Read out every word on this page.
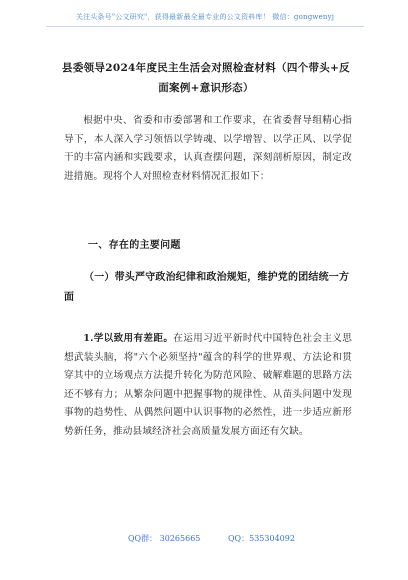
关注头条号"公文研究"，获得最新最全最专业的公文资料库！ 微信：gongwenyj
县委领导2024年度民主生活会对照检查材料（四个带头+反面案例+意识形态）

根据中央、省委和市委部署和工作要求，在省委督导组精心指导下，本人深入学习领悟以学铸魂、以学增智、以学正风、以学促干的丰富内涵和实践要求，认真查摆问题，深刻剖析原因，制定改进措施。现将个人对照检查材料情况汇报如下：

一、存在的主要问题
（一）带头严守政治纪律和政治规矩，维护党的团结统一方面

1.学以致用有差距。在运用习近平新时代中国特色社会主义思想武装头脑，将"六个必须坚持"蕴含的科学的世界观、方法论和贯穿其中的立场观点方法提升转化为防范风险、破解难题的思路方法还不够有力；从繁杂问题中把握事物的规律性、从苗头问题中发现事物的趋势性、从偶然问题中认识事物的必然性，进一步适应新形势新任务，推动县域经济社会高质量发展方面还有欠缺。

QQ群： 30265665	QQ：535304092
